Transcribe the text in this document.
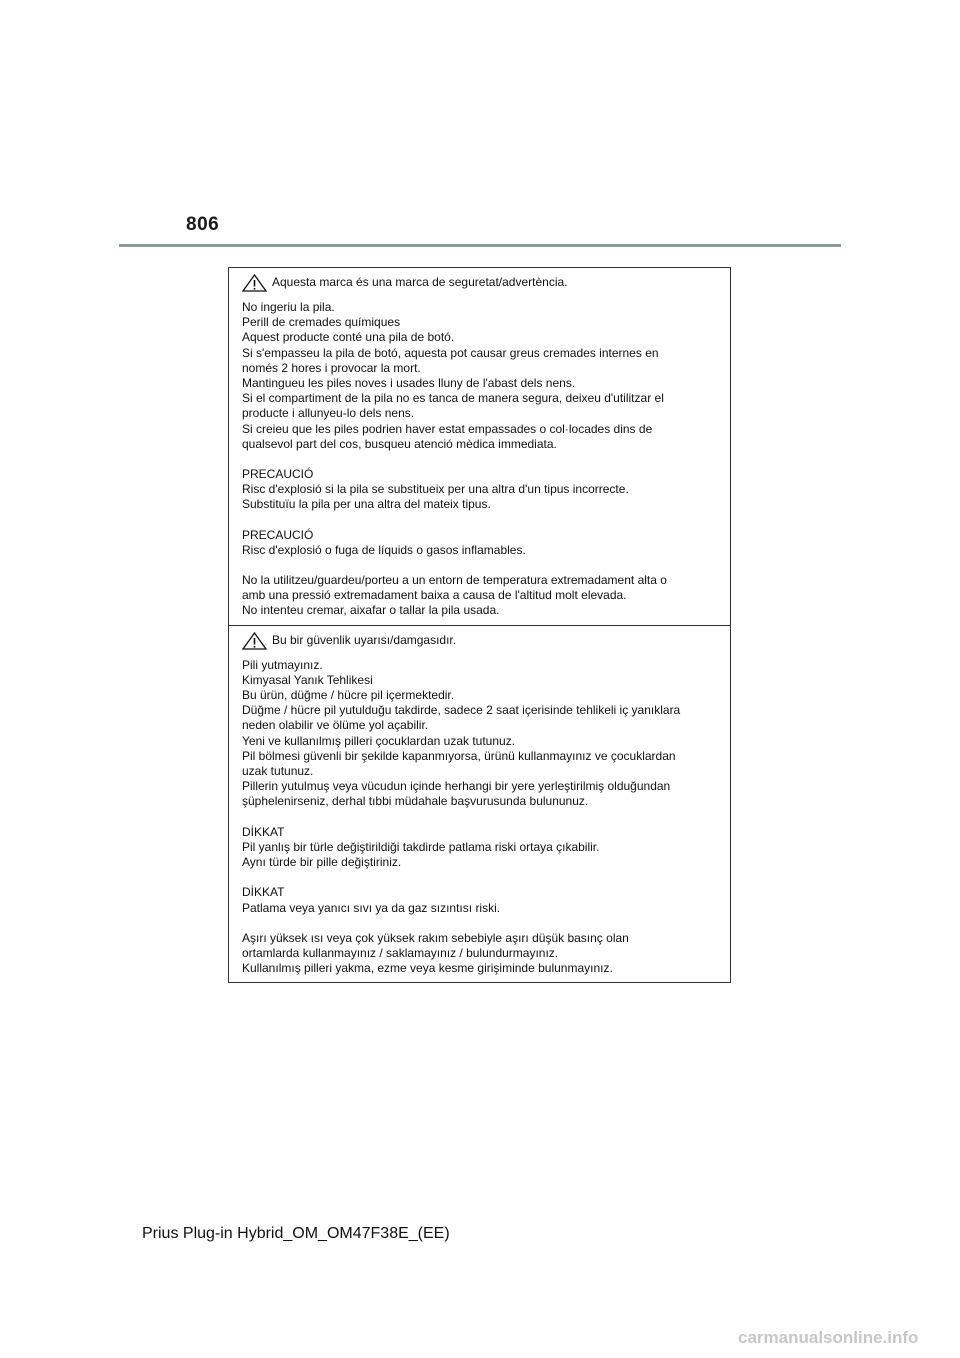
806
Aquesta marca és una marca de seguretat/advertència.

No ingeriu la pila.
Perill de cremades químiques
Aquest producte conté una pila de botó.
Si s'empasseu la pila de botó, aquesta pot causar greus cremades internes en
només 2 hores i provocar la mort.
Mantingueu les piles noves i usades lluny de l'abast dels nens.
Si el compartiment de la pila no es tanca de manera segura, deixeu d'utilitzar el
producte i allunyeu-lo dels nens.
Si creieu que les piles podrien haver estat empassades o col·locades dins de
qualsevol part del cos, busqueu atenció mèdica immediata.

PRECAUCIÓ
Risc d'explosió si la pila se substitueix per una altra d'un tipus incorrecte.
Substituïu la pila per una altra del mateix tipus.

PRECAUCIÓ
Risc d'explosió o fuga de líquids o gasos inflamables.

No la utilitzeu/guardeu/porteu a un entorn de temperatura extremadament alta o
amb una pressió extremadament baixa a causa de l'altitud molt elevada.
No intenteu cremar, aixafar o tallar la pila usada.

Bu bir güvenlik uyarısı/damgasıdır.

Pili yutmayınız.
Kimyasal Yanık Tehlikesi
Bu ürün, düğme / hücre pil içermektedir.
Düğme / hücre pil yutulduğu takdirde, sadece 2 saat içerisinde tehlikeli iç yanıklara
neden olabilir ve ölüme yol açabilir.
Yeni ve kullanılmış pilleri çocuklardan uzak tutunuz.
Pil bölmesi güvenli bir şekilde kapanmıyorsa, ürünü kullanmayınız ve çocuklardan
uzak tutunuz.
Pillerin yutulmuş veya vücudun içinde herhangi bir yere yerleştirilmiş olduğundan
şüphelenirseniz, derhal tıbbi müdahale başvurusunda bulununuz.

DİKKAT
Pil yanlış bir türle değiştirildiği takdirde patlama riski ortaya çıkabilir.
Aynı türde bir pille değiştiriniz.

DİKKAT
Patlama veya yanıcı sıvı ya da gaz sızıntısı riski.

Aşırı yüksek ısı veya çok yüksek rakım sebebiyle aşırı düşük basınç olan
ortamlarda kullanmayınız / saklamayınız / bulundurmayınız.
Kullanılmış pilleri yakma, ezme veya kesme girişiminde bulunmayınız.

Prius Plug-in Hybrid_OM_OM47F38E_(EE)
carmanualsonline.info
